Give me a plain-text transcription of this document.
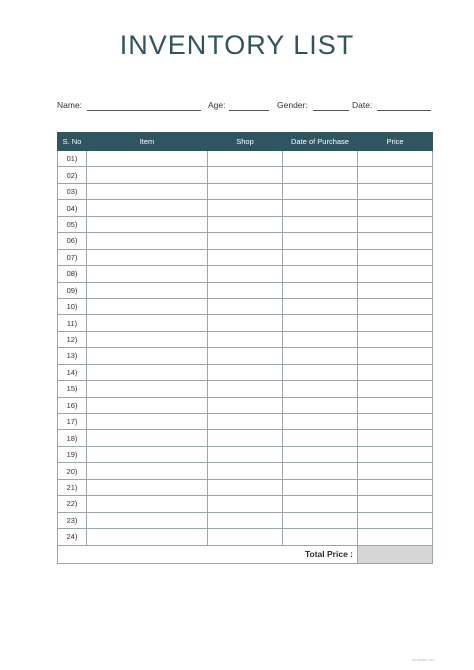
INVENTORY LIST
Name:	Age:	Gender:	Date:
S. No	Item	Shop	Date of Purchase	Price
01)				
02)				
03)				
04)				
05)				
06)				
07)				
08)				
09)				
10)				
11)				
12)				
13)				
14)				
15)				
16)				
17)				
18)				
19)				
20)				
21)				
22)				
23)				
24)				
Total Price :				
template.net
